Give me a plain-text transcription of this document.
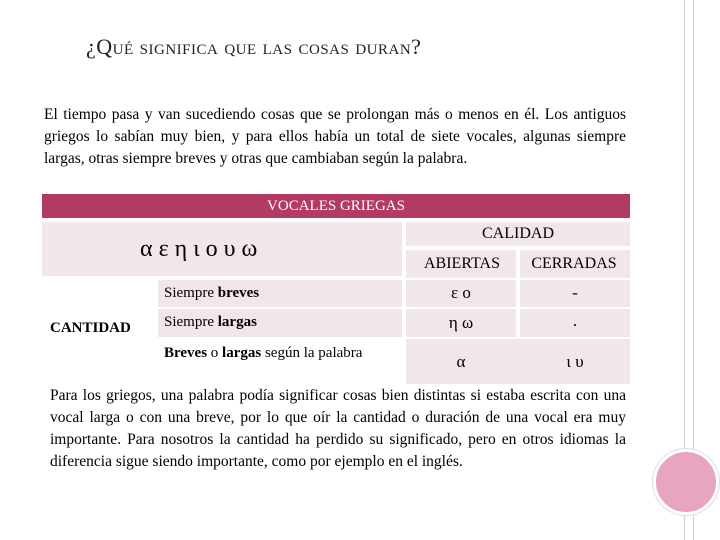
¿Qué significa que las cosas duran?

El tiempo pasa y van sucediendo cosas que se prolongan más o menos en él. Los antiguos griegos lo sabían muy bien, y para ellos había un total de siete vocales, algunas siempre largas, otras siempre breves y otras que cambiaban según la palabra.

VOCALES GRIEGAS
αεηιουω
CALIDAD
ABIERTAS	CERRADAS
Siempre breves	ε ο	-
Siempre largas	η ω	.
Breves o largas según la palabra	α	ι υ
CANTIDAD

Para los griegos, una palabra podía significar cosas bien distintas si estaba escrita con una vocal larga o con una breve, por lo que oír la cantidad o duración de una vocal era muy importante. Para nosotros la cantidad ha perdido su significado, pero en otros idiomas la diferencia sigue siendo importante, como por ejemplo en el inglés.
